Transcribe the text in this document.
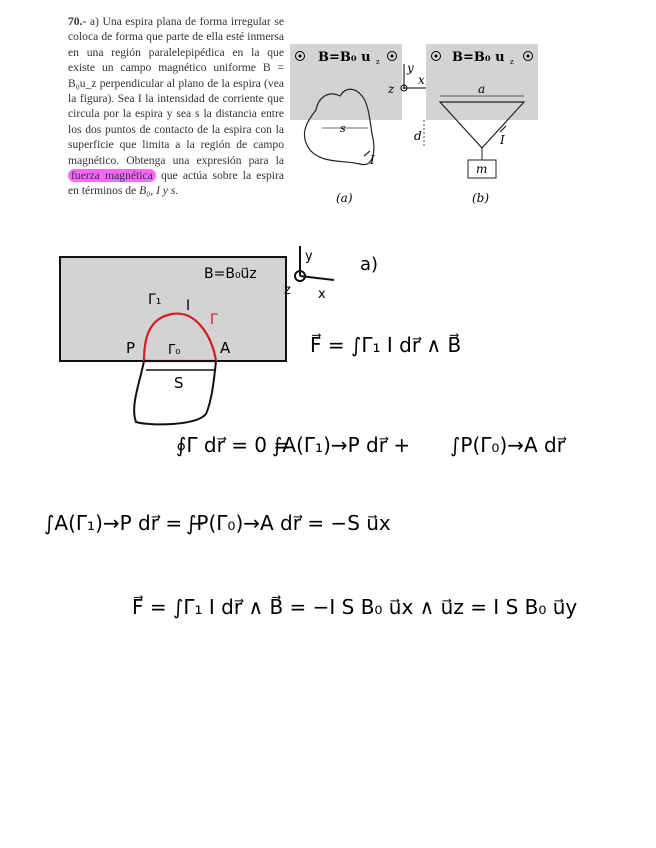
70.- a) Una espira plana de forma irregular se coloca de forma que parte de ella esté inmersa en una región paralelepipédica en la que existe un campo magnético uniforme B = B₀u_z perpendicular al plano de la espira (vea la figura). Sea I la intensidad de corriente que circula por la espira y sea s la distancia entre los dos puntos de contacto de la espira con la superficie que limita a la región de campo magnético. Obtenga una expresión para la fuerza magnética que actúa sobre la espira en términos de B₀, I y s.
B=B₀ u z
s
I
(a)
y
x
z
B=B₀ u z
a
d	I
m
(b)
B=B₀u⃗z
y
z x
a)
Γ₁ I
Γ
Γ₀
P	A
S
F⃗ = ∫Γ₁ I dr⃗ ∧ B⃗
∮Γ dr⃗ = 0 =
∫A(Γ₁)→P dr⃗ + ∫P(Γ₀)→A dr⃗
∫A(Γ₁)→P dr⃗ = −
∫P(Γ₀)→A dr⃗ = −S u⃗x
F⃗ = ∫Γ₁ I dr⃗ ∧ B⃗ = −I S B₀ u⃗x ∧ u⃗z = I S B₀ u⃗y
